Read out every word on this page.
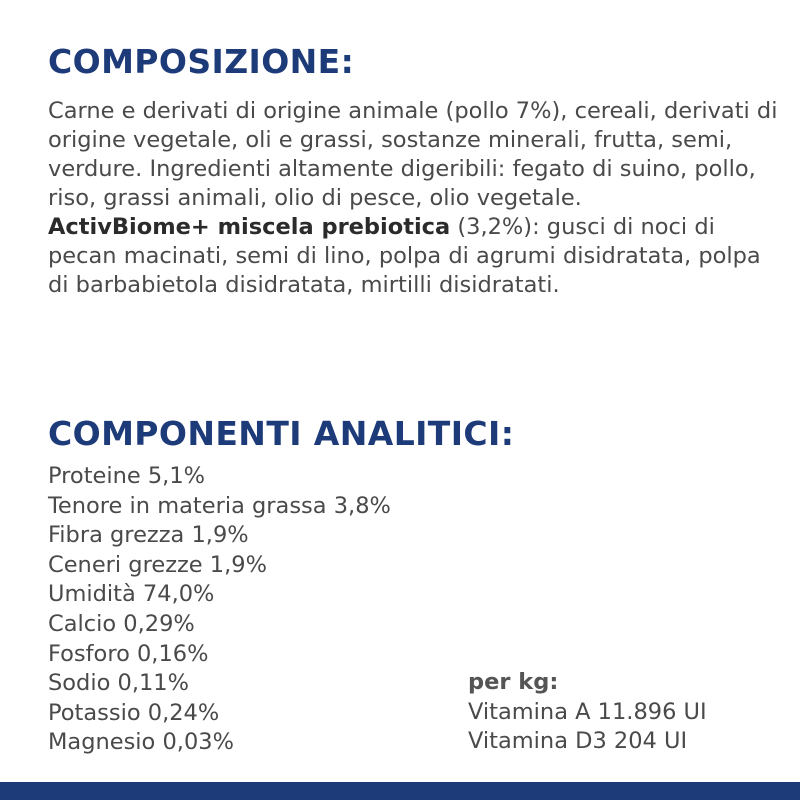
COMPOSIZIONE:

Carne e derivati di origine animale (pollo 7%), cereali, derivati di origine vegetale, oli e grassi, sostanze minerali, frutta, semi, verdure. Ingredienti altamente digeribili: fegato di suino, pollo, riso, grassi animali, olio di pesce, olio vegetale.
ActivBiome+ miscela prebiotica (3,2%): gusci di noci di pecan macinati, semi di lino, polpa di agrumi disidratata, polpa di barbabietola disidratata, mirtilli disidratati.

COMPONENTI ANALITICI:
Proteine 5,1%
Tenore in materia grassa 3,8%
Fibra grezza 1,9%
Ceneri grezze 1,9%
Umidità 74,0%
Calcio 0,29%
Fosforo 0,16%
Sodio 0,11%
Potassio 0,24%
Magnesio 0,03%
per kg:
Vitamina A 11.896 UI
Vitamina D3 204 UI
